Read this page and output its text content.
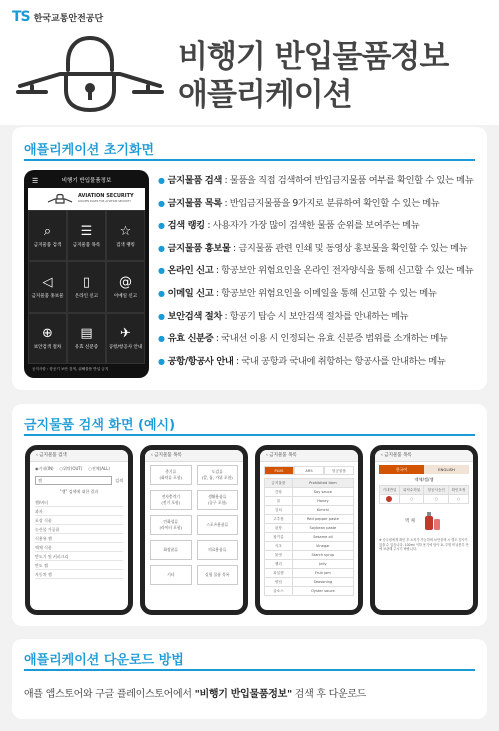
TS 한국교통안전공단
비행기 반입물품정보
애플리케이션
애플리케이션 초기화면
☰	비행기 반입물품정보
AVIATION SECURITY
GOLDEN RULES FOR AVIATION SECURITY
⌕
금지물품 검색
☰
금지물품 목록
☆
검색 랭킹
◁
금지물품 홍보물
▯
온라인 신고
@
이메일 신고
⊕
보안검색 절차
▤
유효 신분증
✈
공항/항공사 안내
공지사항 : 항공기 보안 검색, 위해물품 반입 금지
● 금지물품 검색 : 물품을 직접 검색하여 반입금지물품 여부를 확인할 수 있는 메뉴
● 금지물품 목록 : 반입금지물품을 9가지로 분류하여 확인할 수 있는 메뉴
● 검색 랭킹 : 사용자가 가장 많이 검색한 물품 순위를 보여주는 메뉴
● 금지물품 홍보물 : 금지물품 관련 인쇄 및 동영상 홍보물을 확인할 수 있는 메뉴
● 온라인 신고 : 항공보안 위험요인을 온라인 전자양식을 통해 신고할 수 있는 메뉴
● 이메일 신고 : 항공보안 위험요인을 이메일을 통해 신고할 수 있는 메뉴
● 보안검색 절차 : 항공기 탑승 시 보안검색 절차를 안내하는 메뉴
● 유효 신분증 : 국내선 이용 시 인정되는 유효 신분증 범위를 소개하는 메뉴
● 공항/항공사 안내 : 국내 공항과 국내에 취항하는 항공사를 안내하는 메뉴
금지물품 검색 화면 (예시)
‹ 금지물품 검색
◉기내(IN) ○위탁(OUT) ○전체(ALL)
잼	검색
"잼" 검색에 대한 결과
잼/버터
과자
포장 식품
농산물 가공품
식용유 잼
액체 식품
반도기 및 커피크리
반도 젤
자동차 잼
‹ 금지물품 목록
총기류
(화약류 포함)
도검류
(칼, 톱, 가위 포함)
전자충격기
(전기 포함)
생활용품류
(공구 포함)
인화성류
(라이터 포함)
스포츠용품류
화장품류	의료용품류
기타	실험 물품 목록
‹ 금지물품 목록
PLUS	ARS	항공물품
금지물품	Prohibited item
간장	Soy sauce
꿀	Honey
김치	Kimchi
고추장	Red pepper paste
된장	Soybean paste
참기름	Sesame oil
식초	Vinegar
물엿	Starch syrup
젤리	Jelly
과일잼	Fruit jam
양념	Seasoning
굴소스	Oyster sauce
‹ 금지물품 목록
한국어	ENGLISH
액체/겔/잼
기내반입	위탁수하물	항공사승인	확인조정
	○	○	○
액 체
※ 승무원에게 확인 후 소지가 가능하며 보안검색 시 별도 검사가 있을 수 있습니다. 100ml 이하 용기에 담아 1L 투명 비닐봉투 안에 보관해 주시기 바랍니다.
애플리케이션 다운로드 방법
애플 앱스토어와 구글 플레이스토어에서 "비행기 반입물품정보" 검색 후 다운로드
